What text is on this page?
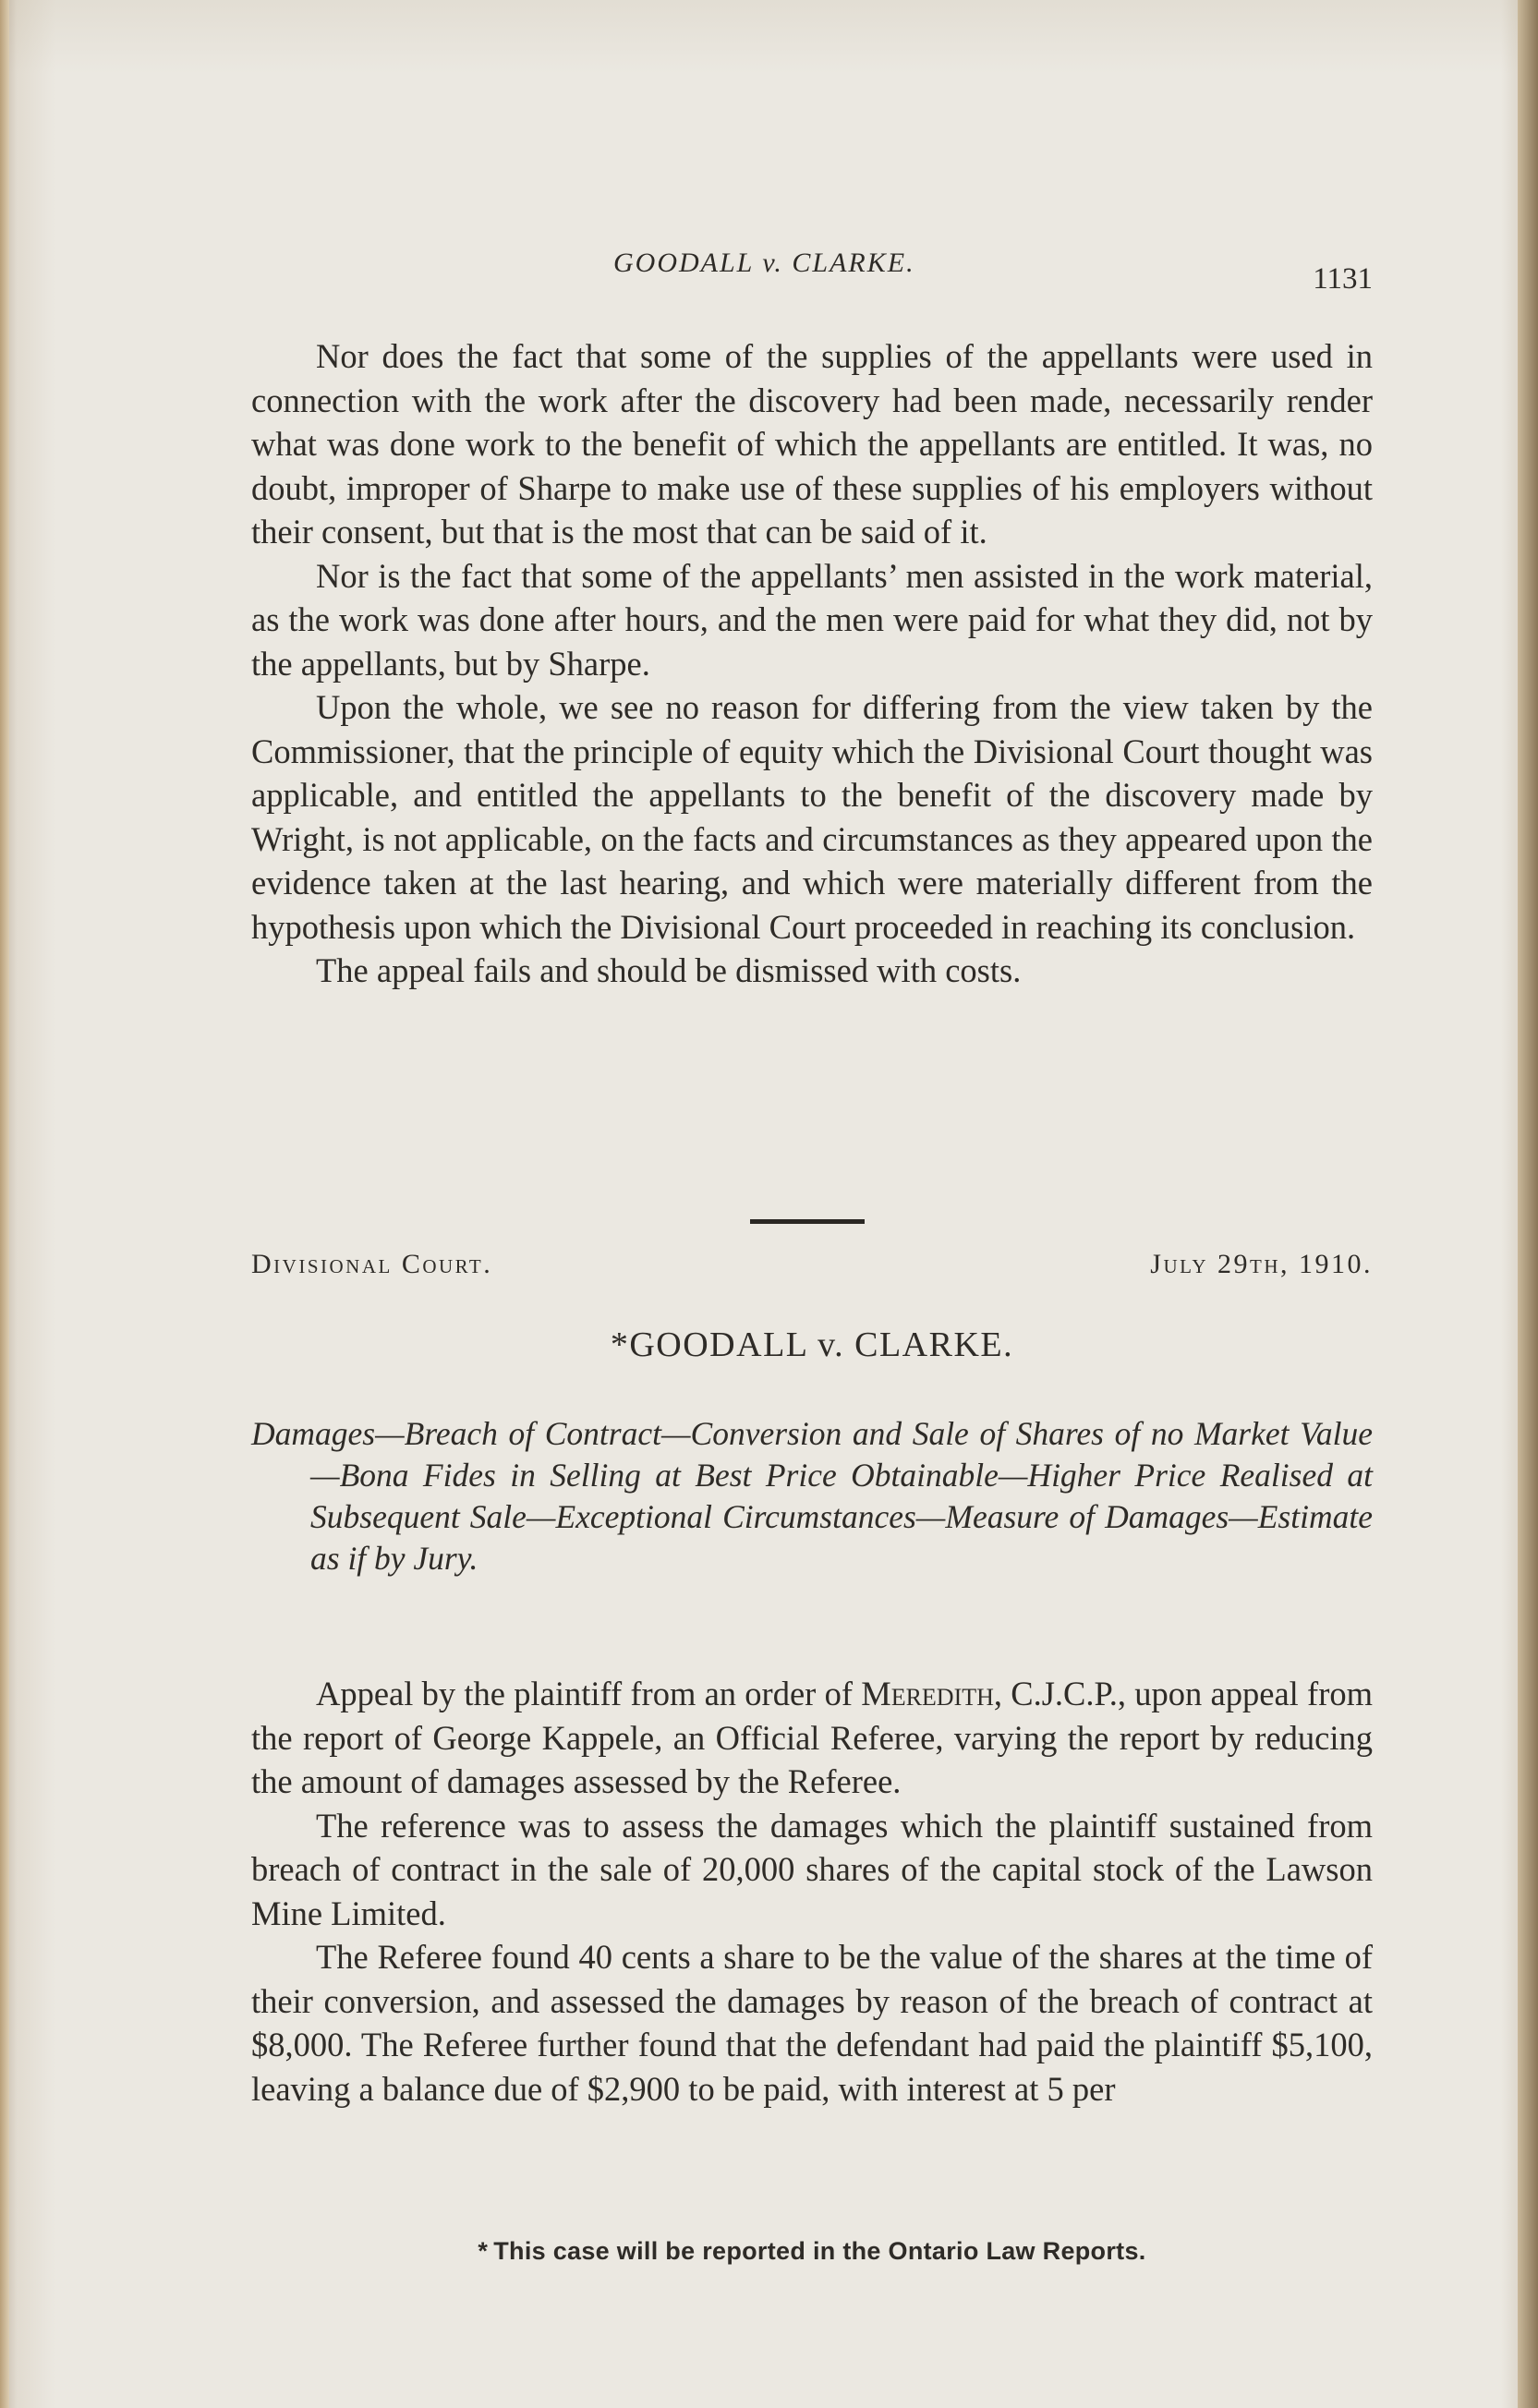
GOODALL v. CLARKE.	1131

Nor does the fact that some of the supplies of the appellants were used in connection with the work after the discovery had been made, necessarily render what was done work to the benefit of which the appellants are entitled. It was, no doubt, improper of Sharpe to make use of these supplies of his employers without their consent, but that is the most that can be said of it.

Nor is the fact that some of the appellants’ men assisted in the work material, as the work was done after hours, and the men were paid for what they did, not by the appellants, but by Sharpe.

Upon the whole, we see no reason for differing from the view taken by the Commissioner, that the principle of equity which the Divisional Court thought was applicable, and entitled the appellants to the benefit of the discovery made by Wright, is not applicable, on the facts and circumstances as they appeared upon the evidence taken at the last hearing, and which were materially different from the hypothesis upon which the Divisional Court proceeded in reaching its conclusion.

The appeal fails and should be dismissed with costs.

Divisional Court.	July 29th, 1910.
*GOODALL v. CLARKE.
Damages—Breach of Contract—Conversion and Sale of Shares of no Market Value—Bona Fides in Selling at Best Price Obtainable—Higher Price Realised at Subsequent Sale—Exceptional Circumstances—Measure of Damages—Estimate as if by Jury.

Appeal by the plaintiff from an order of Meredith, C.J.C.P., upon appeal from the report of George Kappele, an Official Referee, varying the report by reducing the amount of damages assessed by the Referee.

The reference was to assess the damages which the plaintiff sustained from breach of contract in the sale of 20,000 shares of the capital stock of the Lawson Mine Limited.

The Referee found 40 cents a share to be the value of the shares at the time of their conversion, and assessed the damages by reason of the breach of contract at $8,000. The Referee further found that the defendant had paid the plaintiff $5,100, leaving a balance due of $2,900 to be paid, with interest at 5 per

* This case will be reported in the Ontario Law Reports.
